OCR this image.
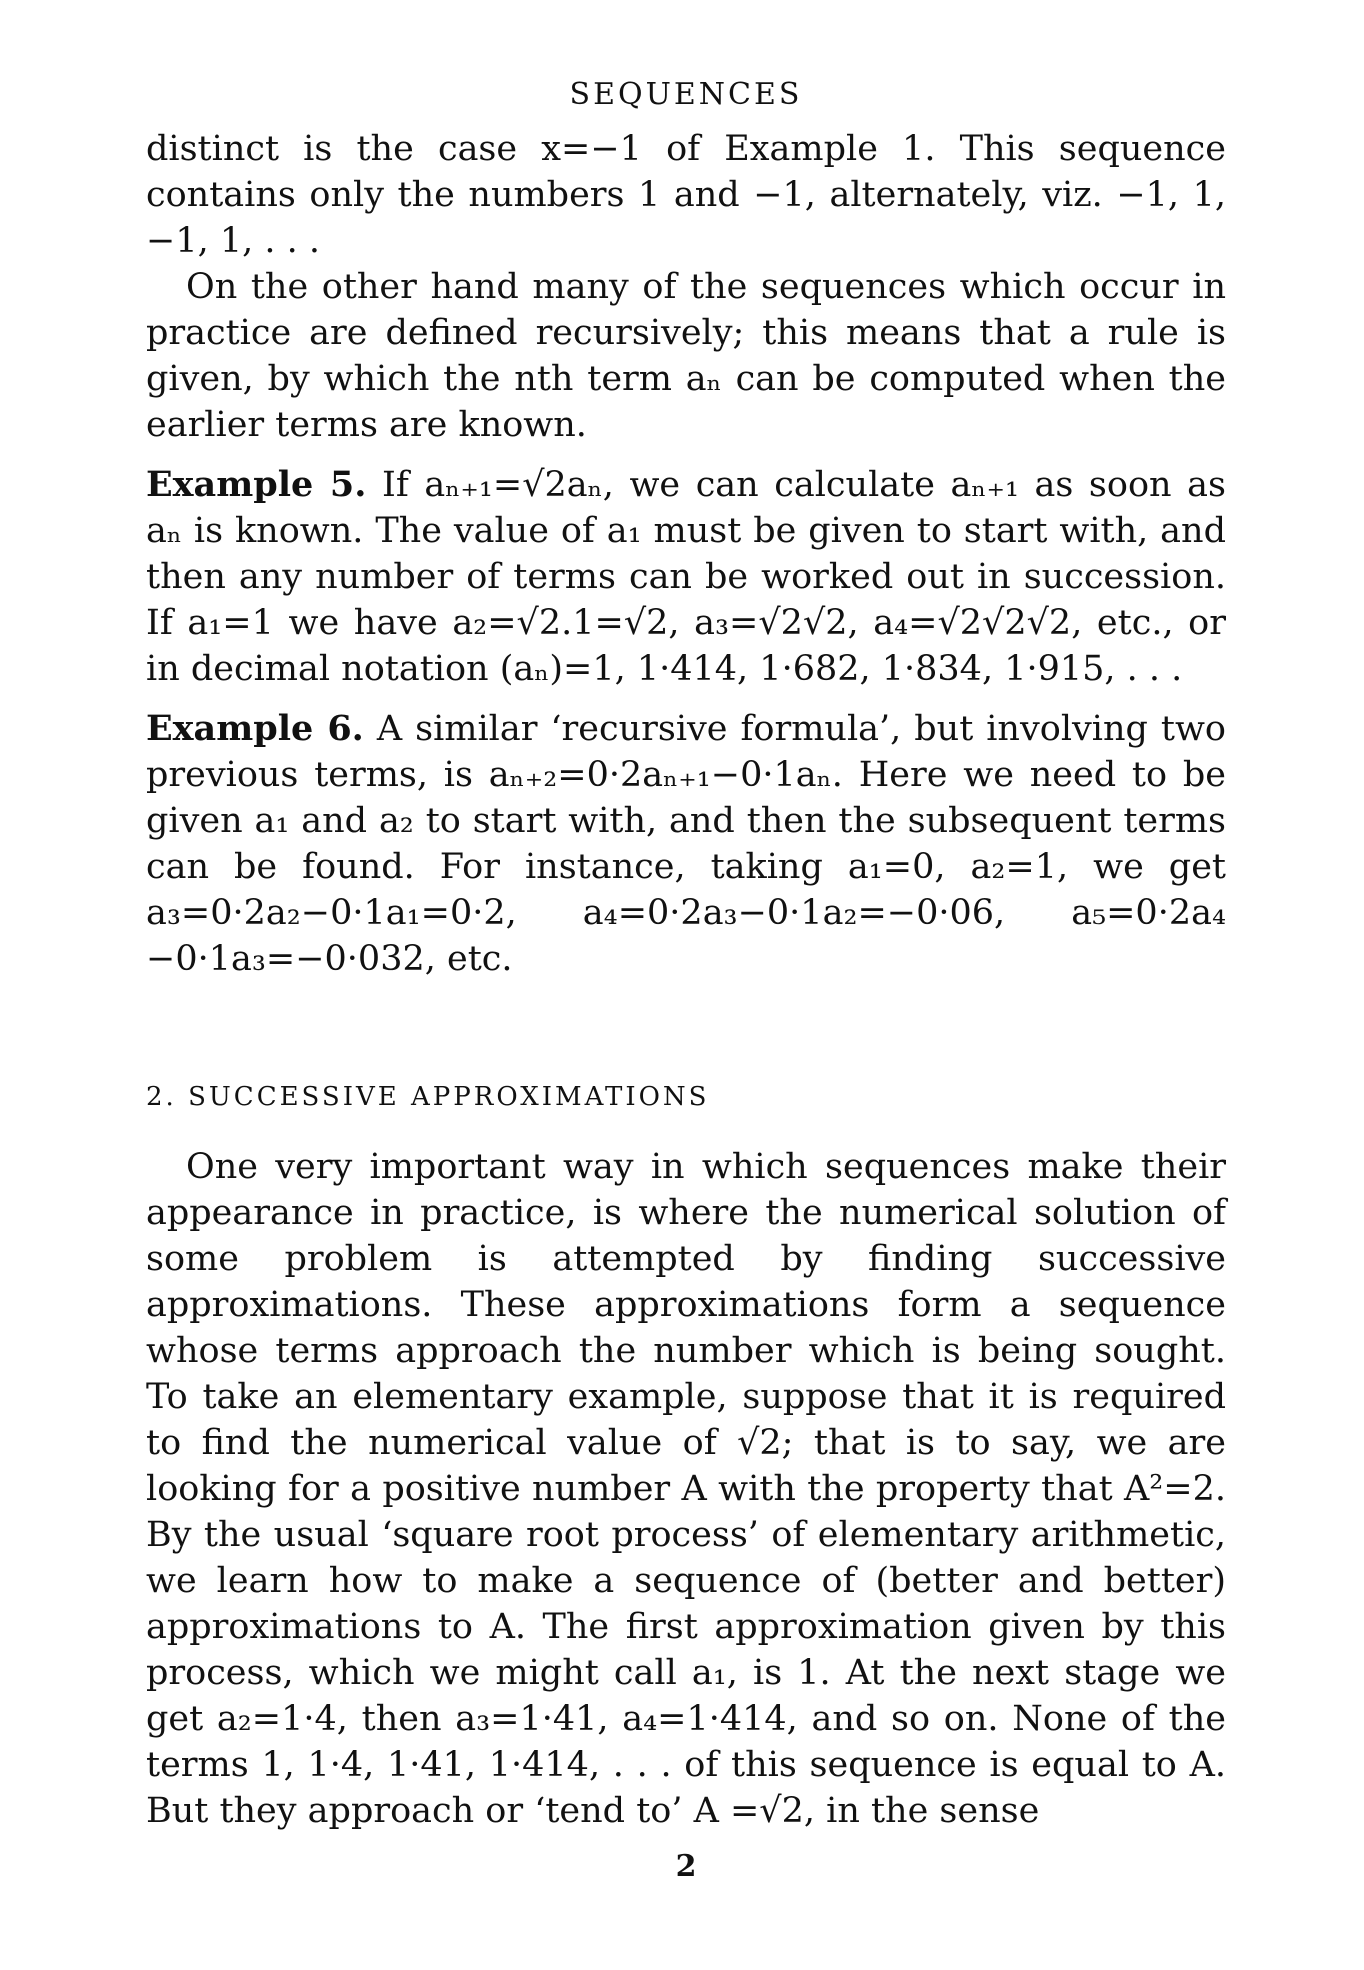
SEQUENCES

distinct is the case x=−1 of Example 1. This sequence contains only the numbers 1 and −1, alternately, viz. −1, 1, −1, 1, . . .

On the other hand many of the sequences which occur in practice are defined recursively; this means that a rule is given, by which the nth term aₙ can be computed when the earlier terms are known.

Example 5. If aₙ₊₁=√2aₙ, we can calculate aₙ₊₁ as soon as aₙ is known. The value of a₁ must be given to start with, and then any number of terms can be worked out in succession. If a₁=1 we have a₂=√2.1=√2, a₃=√2√2, a₄=√2√2√2, etc., or in decimal notation (aₙ)=1, 1·414, 1·682, 1·834, 1·915, . . .

Example 6. A similar ‘recursive formula’, but involving two previous terms, is aₙ₊₂=0·2aₙ₊₁−0·1aₙ. Here we need to be given a₁ and a₂ to start with, and then the subsequent terms can be found. For instance, taking a₁=0, a₂=1, we get a₃=0·2a₂−0·1a₁=0·2, a₄=0·2a₃−0·1a₂=−0·06, a₅=0·2a₄ −0·1a₃=−0·032, etc.

2. SUCCESSIVE APPROXIMATIONS

One very important way in which sequences make their appearance in practice, is where the numerical solution of some problem is attempted by finding successive approximations. These approximations form a sequence whose terms approach the number which is being sought. To take an elementary example, suppose that it is required to find the numerical value of √2; that is to say, we are looking for a positive number A with the property that A²=2. By the usual ‘square root process’ of elementary arithmetic, we learn how to make a sequence of (better and better) approximations to A. The first approximation given by this process, which we might call a₁, is 1. At the next stage we get a₂=1·4, then a₃=1·41, a₄=1·414, and so on. None of the terms 1, 1·4, 1·41, 1·414, . . . of this sequence is equal to A. But they approach or ‘tend to’ A =√2, in the sense

2
